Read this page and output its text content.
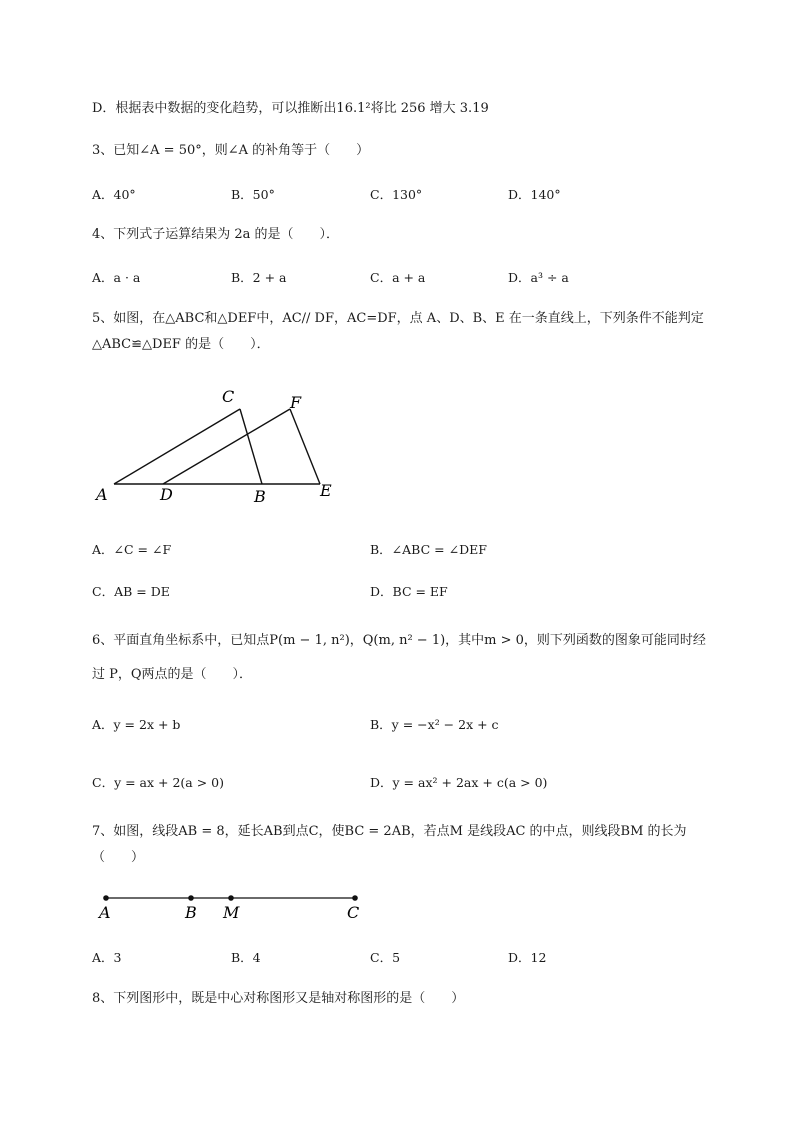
D．根据表中数据的变化趋势，可以推断出16.1²将比 256 增大 3.19
3、已知∠A = 50°，则∠A 的补角等于（　　）
A．40°	B．50°	C．130°	D．140°
4、下列式子运算结果为 2a 的是（　　）．
A．a · a	B．2 + a	C．a + a	D．a³ ÷ a
5、如图，在△ABC和△DEF中，AC// DF，AC=DF，点 A、D、B、E 在一条直线上，下列条件不能判定
△ABC≌△DEF 的是（　　）．
A	D	B	E
C	F
A．∠C = ∠F	B．∠ABC = ∠DEF
C．AB = DE	D．BC = EF
6、平面直角坐标系中，已知点P(m − 1, n²)，Q(m, n² − 1)，其中m > 0，则下列函数的图象可能同时经
过 P，Q两点的是（　　）．
A．y = 2x + b	B．y = −x² − 2x + c
C．y = ax + 2(a > 0)	D．y = ax² + 2ax + c(a > 0)
7、如图，线段AB = 8，延长AB到点C，使BC = 2AB，若点M 是线段AC 的中点，则线段BM 的长为
（　　）
A	B M	C
A．3	B．4	C．5	D．12
8、下列图形中，既是中心对称图形又是轴对称图形的是（　　）
